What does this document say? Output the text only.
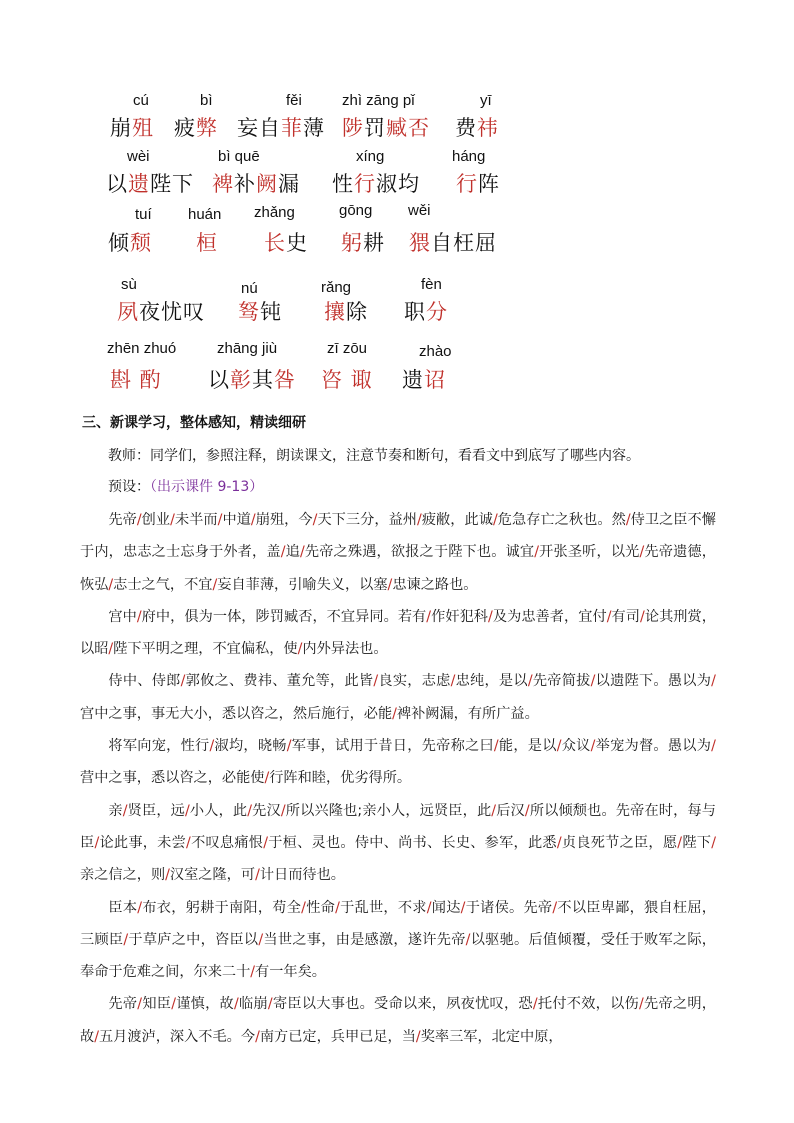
cú
崩殂
bì
疲弊
fěi
妄自菲薄
zhì zāng pǐ
陟罚臧否
yī
费祎
wèi
以遗陛下
bì quē
裨补阙漏
xíng
性行淑均
háng
行阵
tuí
倾颓
huán
桓
zhǎng
长史
gōng
躬耕
wěi
猥自枉屈
sù
夙夜忧叹
nú
驽钝
rǎng
攘除
fèn
职分
zhēn zhuó
斟 酌
zhāng jiù
以彰其咎
zī zōu
咨 诹
zhào
遗诏
三、新课学习，整体感知，精读细研
教师：同学们，参照注释，朗读课文，注意节奏和断句，看看文中到底写了哪些内容。
预设：（出示课件 9-13）

先帝/创业/未半而/中道/崩殂，今/天下三分，益州/疲敝，此诚/危急存亡之秋也。然/侍卫之臣不懈于内，忠志之士忘身于外者，盖/追/先帝之殊遇，欲报之于陛下也。诚宜/开张圣听，以光/先帝遗德，恢弘/志士之气，不宜/妄自菲薄，引喻失义，以塞/忠谏之路也。

宫中/府中，俱为一体，陟罚臧否，不宜异同。若有/作奸犯科/及为忠善者，宜付/有司/论其刑赏，以昭/陛下平明之理，不宜偏私，使/内外异法也。

侍中、侍郎/郭攸之、费祎、董允等，此皆/良实，志虑/忠纯，是以/先帝简拔/以遗陛下。愚以为/宫中之事，事无大小，悉以咨之，然后施行，必能/裨补阙漏，有所广益。

将军向宠，性行/淑均，晓畅/军事，试用于昔日，先帝称之曰/能，是以/众议/举宠为督。愚以为/营中之事，悉以咨之，必能使/行阵和睦，优劣得所。

亲/贤臣，远/小人，此/先汉/所以兴隆也;亲小人，远贤臣，此/后汉/所以倾颓也。先帝在时，每与臣/论此事，未尝/不叹息痛恨/于桓、灵也。侍中、尚书、长史、参军，此悉/贞良死节之臣，愿/陛下/亲之信之，则/汉室之隆，可/计日而待也。

臣本/布衣，躬耕于南阳，苟全/性命/于乱世，不求/闻达/于诸侯。先帝/不以臣卑鄙，猥自枉屈，三顾臣/于草庐之中，咨臣以/当世之事，由是感激，遂许先帝/以驱驰。后值倾覆，受任于败军之际，奉命于危难之间，尔来二十/有一年矣。

先帝/知臣/谨慎，故/临崩/寄臣以大事也。受命以来，夙夜忧叹，恐/托付不效，以伤/先帝之明，故/五月渡泸，深入不毛。今/南方已定，兵甲已足，当/奖率三军，北定中原，
